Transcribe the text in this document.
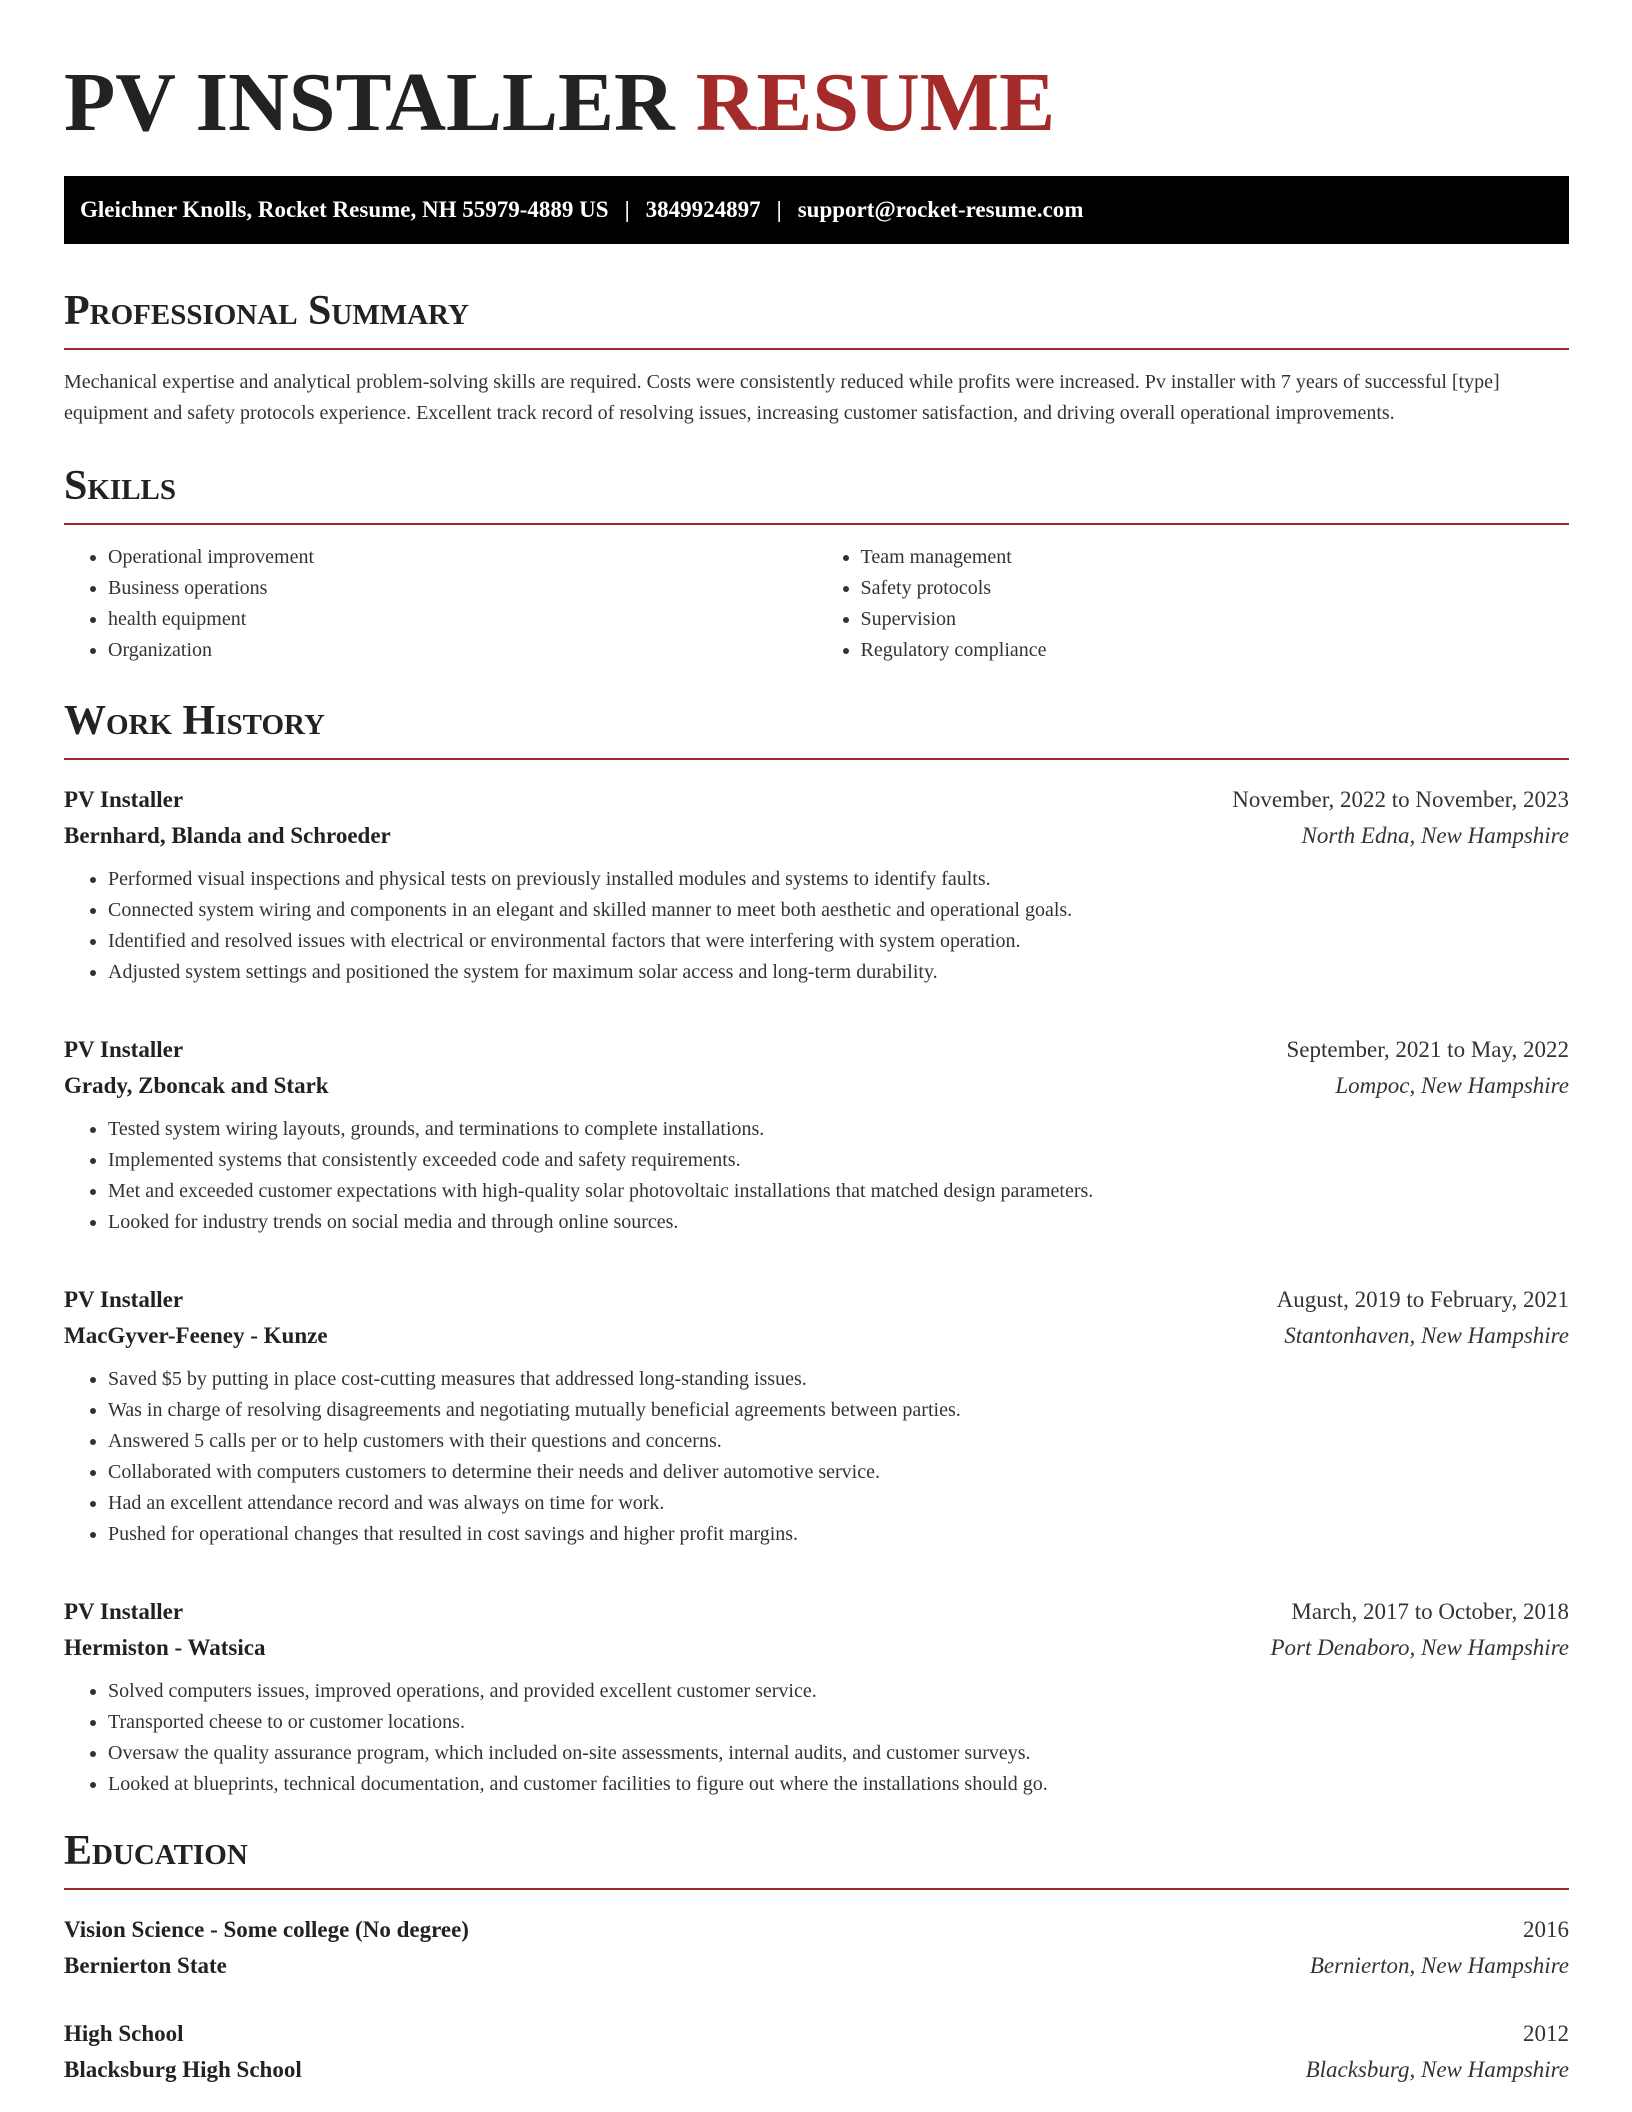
PV INSTALLER RESUME
Gleichner Knolls, Rocket Resume, NH 55979-4889 US | 3849924897 | support@rocket-resume.com
Professional Summary

Mechanical expertise and analytical problem-solving skills are required. Costs were consistently reduced while profits were increased. Pv installer with 7 years of successful [type] equipment and safety protocols experience. Excellent track record of resolving issues, increasing customer satisfaction, and driving overall operational improvements.

Skills
• Operational improvement
• Business operations
• health equipment
• Organization
• Team management
• Safety protocols
• Supervision
• Regulatory compliance
Work History
PV Installer	November, 2022 to November, 2023
Bernhard, Blanda and Schroeder	North Edna, New Hampshire
• Performed visual inspections and physical tests on previously installed modules and systems to identify faults.
• Connected system wiring and components in an elegant and skilled manner to meet both aesthetic and operational goals.
• Identified and resolved issues with electrical or environmental factors that were interfering with system operation.
• Adjusted system settings and positioned the system for maximum solar access and long-term durability.
PV Installer	September, 2021 to May, 2022
Grady, Zboncak and Stark	Lompoc, New Hampshire
• Tested system wiring layouts, grounds, and terminations to complete installations.
• Implemented systems that consistently exceeded code and safety requirements.
• Met and exceeded customer expectations with high-quality solar photovoltaic installations that matched design parameters.
• Looked for industry trends on social media and through online sources.
PV Installer	August, 2019 to February, 2021
MacGyver-Feeney - Kunze	Stantonhaven, New Hampshire
• Saved $5 by putting in place cost-cutting measures that addressed long-standing issues.
• Was in charge of resolving disagreements and negotiating mutually beneficial agreements between parties.
• Answered 5 calls per or to help customers with their questions and concerns.
• Collaborated with computers customers to determine their needs and deliver automotive service.
• Had an excellent attendance record and was always on time for work.
• Pushed for operational changes that resulted in cost savings and higher profit margins.
PV Installer	March, 2017 to October, 2018
Hermiston - Watsica	Port Denaboro, New Hampshire
• Solved computers issues, improved operations, and provided excellent customer service.
• Transported cheese to or customer locations.
• Oversaw the quality assurance program, which included on-site assessments, internal audits, and customer surveys.
• Looked at blueprints, technical documentation, and customer facilities to figure out where the installations should go.
Education
Vision Science - Some college (No degree)	2016
Bernierton State	Bernierton, New Hampshire
High School	2012
Blacksburg High School	Blacksburg, New Hampshire
